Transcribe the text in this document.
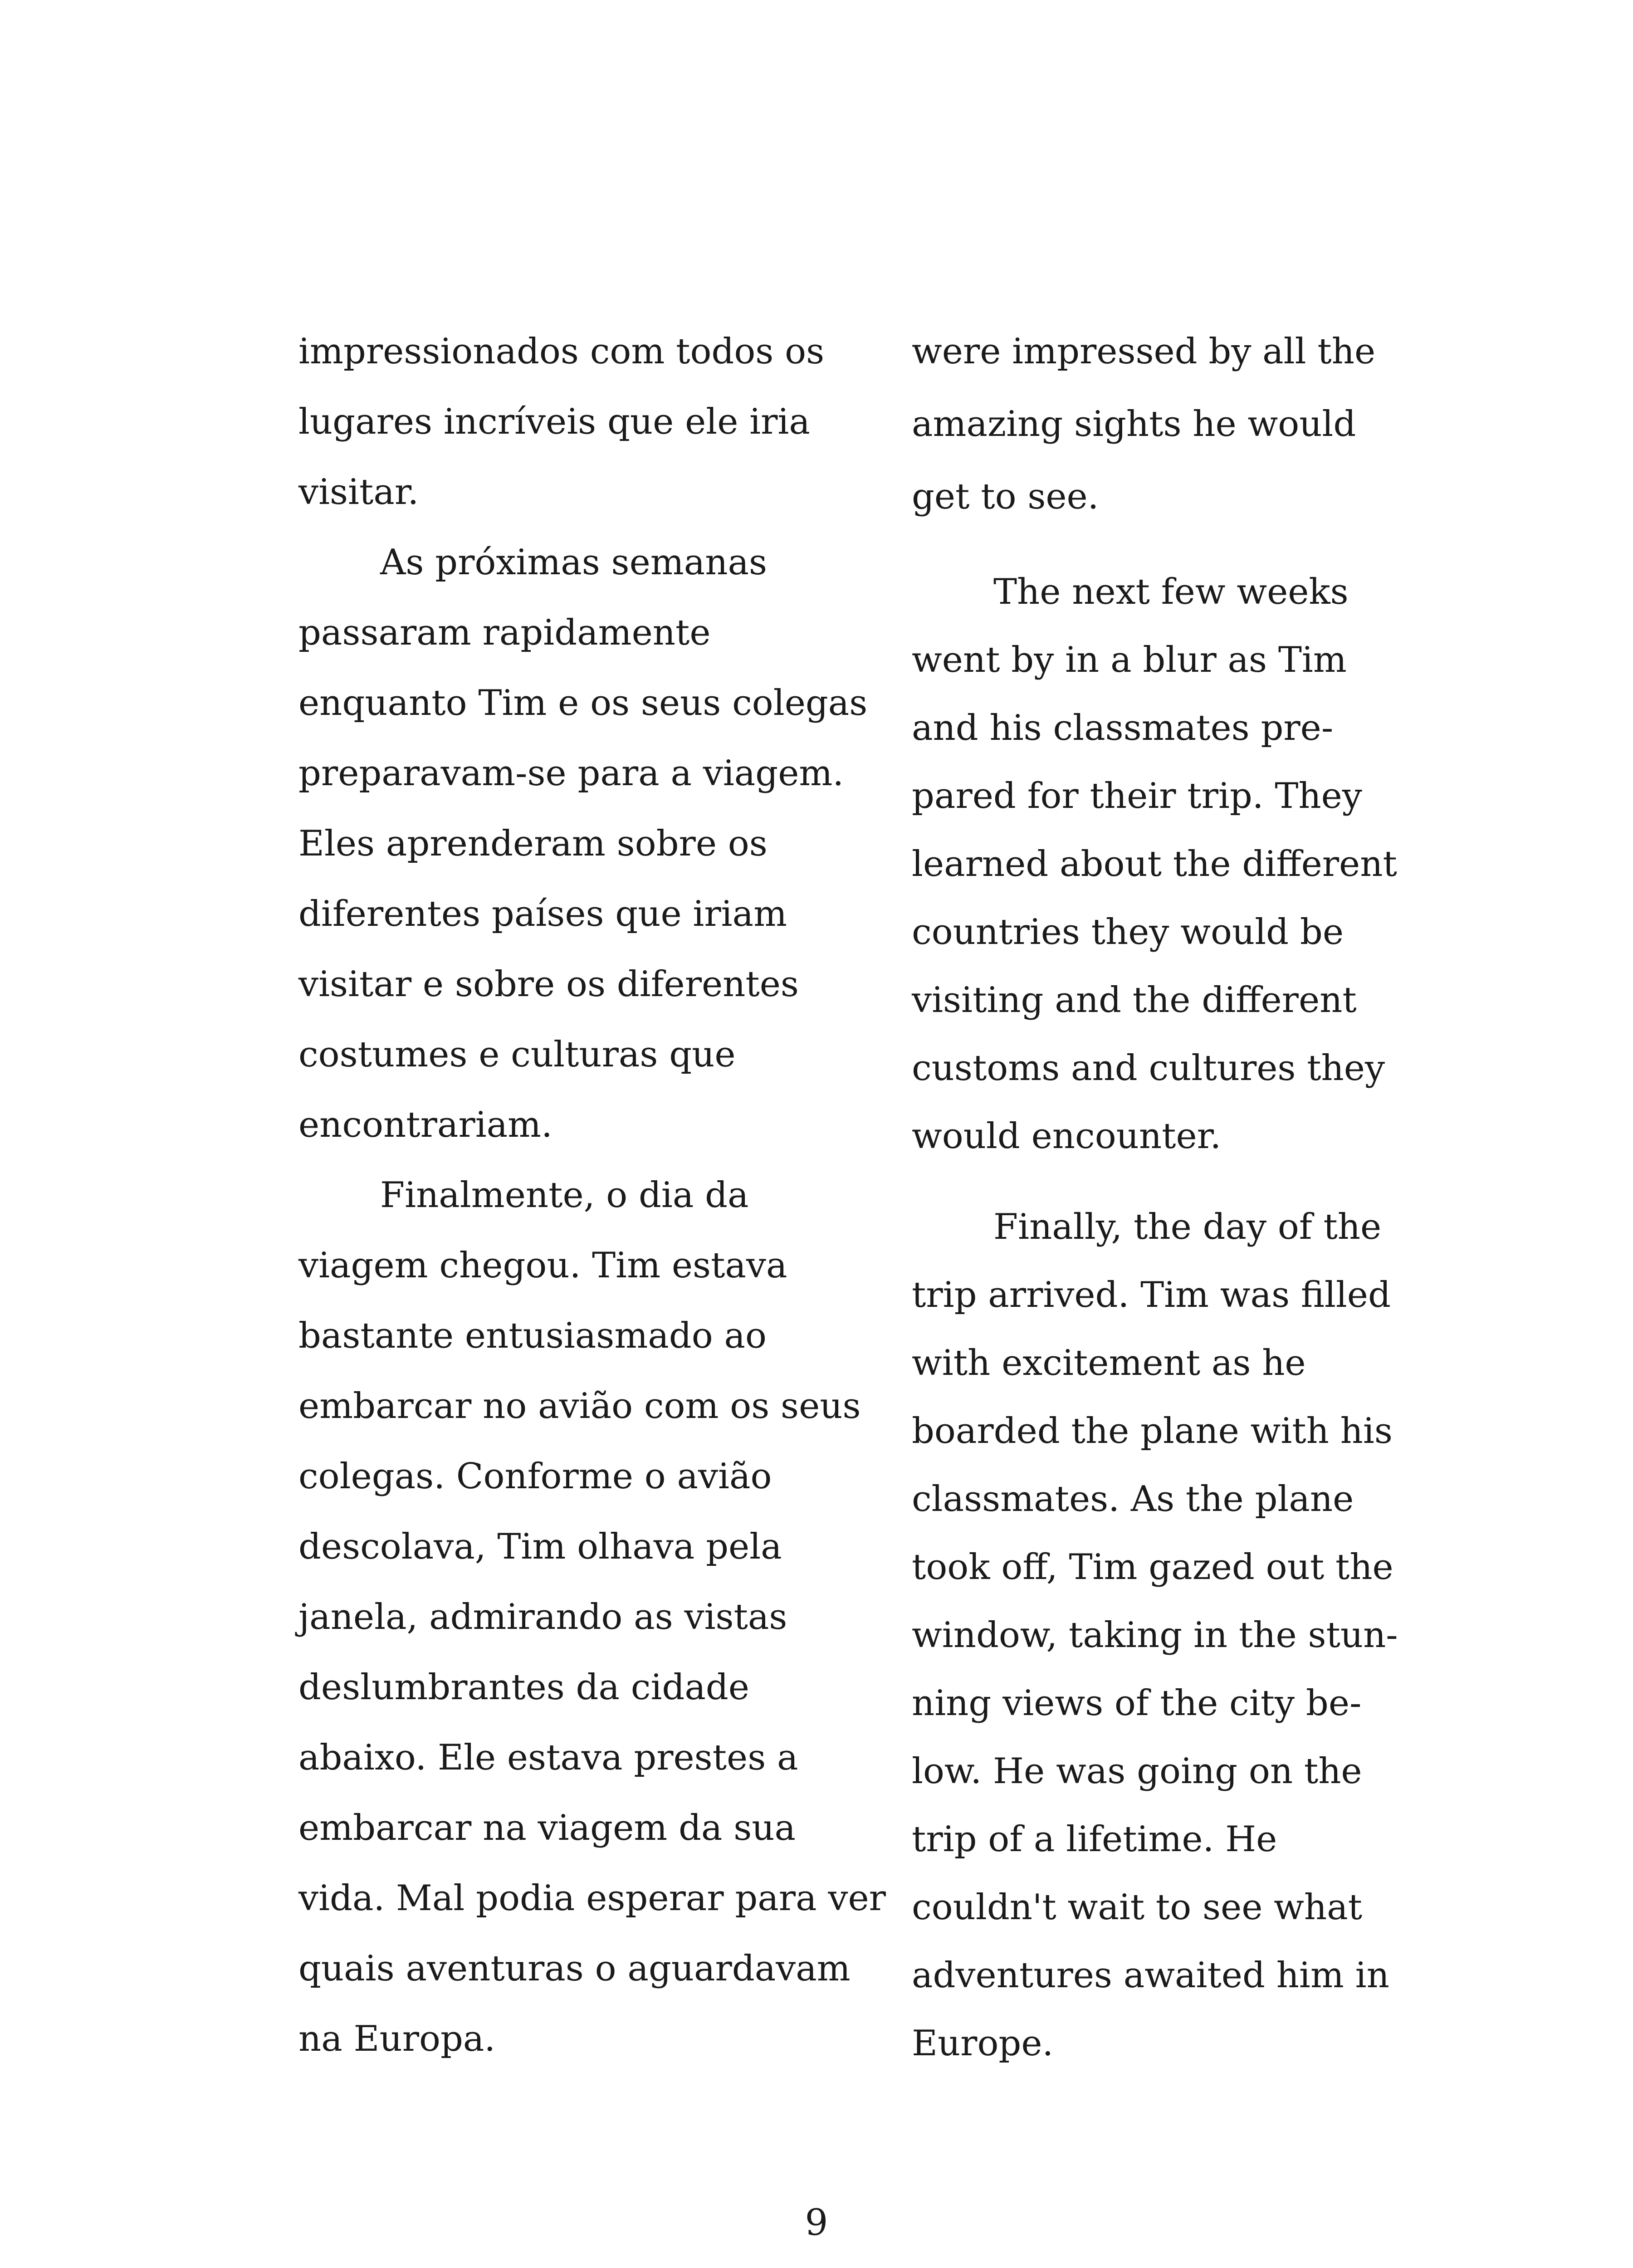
impressionados com todos os
lugares incríveis que ele iria
visitar.
As próximas semanas
passaram rapidamente
enquanto Tim e os seus colegas
preparavam-se para a viagem.
Eles aprenderam sobre os
diferentes países que iriam
visitar e sobre os diferentes
costumes e culturas que
encontrariam.
Finalmente, o dia da
viagem chegou. Tim estava
bastante entusiasmado ao
embarcar no avião com os seus
colegas. Conforme o avião
descolava, Tim olhava pela
janela, admirando as vistas
deslumbrantes da cidade
abaixo. Ele estava prestes a
embarcar na viagem da sua
vida. Mal podia esperar para ver
quais aventuras o aguardavam
na Europa.
were impressed by all the
amazing sights he would
get to see.
The next few weeks
went by in a blur as Tim
and his classmates pre-
pared for their trip. They
learned about the different
countries they would be
visiting and the different
customs and cultures they
would encounter.
Finally, the day of the
trip arrived. Tim was filled
with excitement as he
boarded the plane with his
classmates. As the plane
took off, Tim gazed out the
window, taking in the stun-
ning views of the city be-
low. He was going on the
trip of a lifetime. He
couldn't wait to see what
adventures awaited him in
Europe.
9
